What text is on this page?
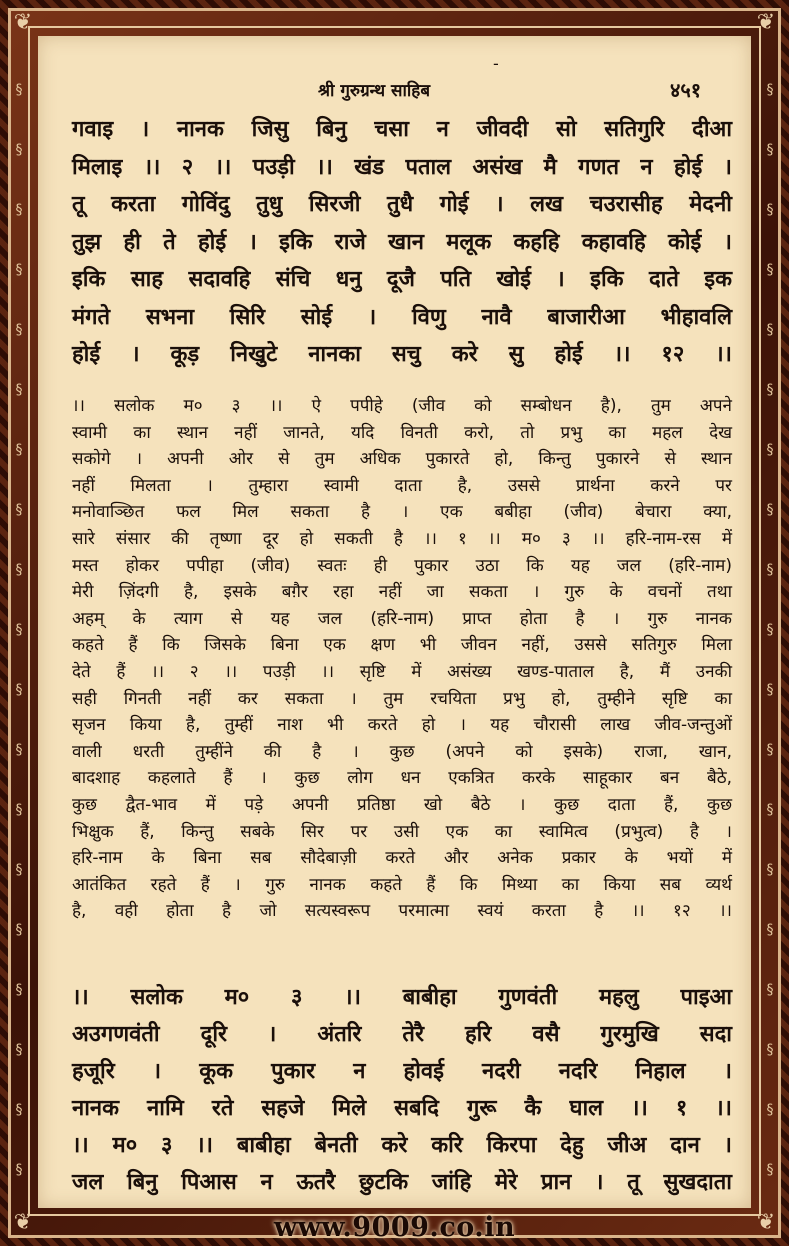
❦	❦
❦	❦
§
§
§
§
§
§
§
§
§
§
§
§
§
§
§
§
§
§
§
§
§
§
§
§
§
§
§
§
§
§
§
§
§
§
§
§
§
§
-
श्री गुरुग्रन्थ साहिब	४५१
गवाइ । नानक जिसु बिनु चसा न जीवदी सो सतिगुरि दीआ
मिलाइ ।। २ ।। पउड़ी ।। खंड पताल असंख मै गणत न होई ।
तू करता गोविंदु तुधु सिरजी तुधै गोई । लख चउरासीह मेदनी
तुझ ही ते होई । इकि राजे खान मलूक कहहि कहावहि कोई ।
इकि साह सदावहि संचि धनु दूजै पति खोई । इकि दाते इक
मंगते सभना सिरि सोई । विणु नावै बाजारीआ भीहावलि
होई । कूड़ निखुटे नानका सचु करे सु होई ।। १२ ।।
।। सलोक म० ३ ।। ऐ पपीहे (जीव को सम्बोधन है), तुम अपने
स्वामी का स्थान नहीं जानते, यदि विनती करो, तो प्रभु का महल देख
सकोगे । अपनी ओर से तुम अधिक पुकारते हो, किन्तु पुकारने से स्थान
नहीं मिलता । तुम्हारा स्वामी दाता है, उससे प्रार्थना करने पर
मनोवाञ्छित फल मिल सकता है । एक बबीहा (जीव) बेचारा क्या,
सारे संसार की तृष्णा दूर हो सकती है ।। १ ।। म० ३ ।। हरि-नाम-रस में
मस्त होकर पपीहा (जीव) स्वतः ही पुकार उठा कि यह जल (हरि-नाम)
मेरी ज़िंदगी है, इसके बग़ैर रहा नहीं जा सकता । गुरु के वचनों तथा
अहम् के त्याग से यह जल (हरि-नाम) प्राप्त होता है । गुरु नानक
कहते हैं कि जिसके बिना एक क्षण भी जीवन नहीं, उससे सतिगुरु मिला
देते हैं ।। २ ।। पउड़ी ।। सृष्टि में असंख्य खण्ड-पाताल है, मैं उनकी
सही गिनती नहीं कर सकता । तुम रचयिता प्रभु हो, तुम्हीने सृष्टि का
सृजन किया है, तुम्हीं नाश भी करते हो । यह चौरासी लाख जीव-जन्तुओं
वाली धरती तुम्हींने की है । कुछ (अपने को इसके) राजा, खान,
बादशाह कहलाते हैं । कुछ लोग धन एकत्रित करके साहूकार बन बैठे,
कुछ द्वैत-भाव में पड़े अपनी प्रतिष्ठा खो बैठे । कुछ दाता हैं, कुछ
भिक्षुक हैं, किन्तु सबके सिर पर उसी एक का स्वामित्व (प्रभुत्व) है ।
हरि-नाम के बिना सब सौदेबाज़ी करते और अनेक प्रकार के भयों में
आतंकित रहते हैं । गुरु नानक कहते हैं कि मिथ्या का किया सब व्यर्थ
है, वही होता है जो सत्यस्वरूप परमात्मा स्वयं करता है ।। १२ ।।
।। सलोक म० ३ ।। बाबीहा गुणवंती महलु पाइआ
अउगणवंती दूरि । अंतरि तेरै हरि वसै गुरमुखि सदा
हजूरि । कूक पुकार न होवई नदरी नदरि निहाल ।
नानक नामि रते सहजे मिले सबदि गुरू कै घाल ।। १ ।।
।। म० ३ ।। बाबीहा बेनती करे करि किरपा देहु जीअ दान ।
जल बिनु पिआस न ऊतरै छुटकि जांहि मेरे प्रान । तू सुखदाता
www.9009.co.in
